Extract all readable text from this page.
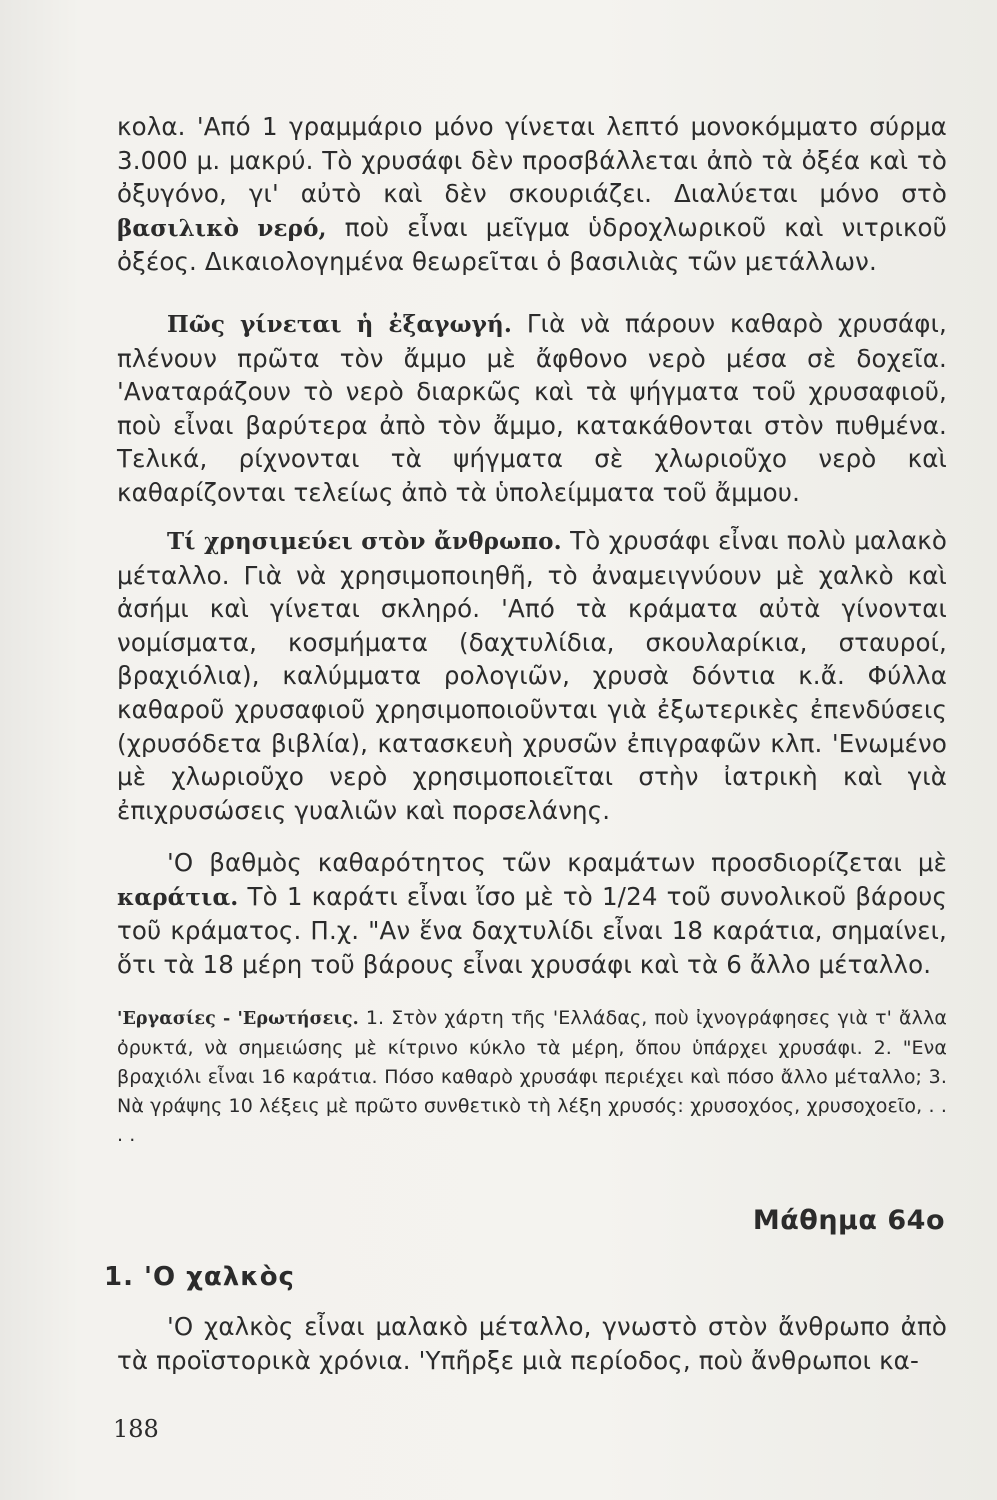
κολα. 'Από 1 γραμμάριο μόνο γίνεται λεπτό μονοκόμματο σύρμα 3.000 μ. μακρύ. Τὸ χρυσάφι δὲν προσβάλλεται ἀπὸ τὰ ὀξέα καὶ τὸ ὀξυγόνο, γι' αὐτὸ καὶ δὲν σκουριάζει. Διαλύεται μόνο στὸ βασιλικὸ νερό, ποὺ εἶναι μεῖγμα ὑδροχλωρικοῦ καὶ νιτρικοῦ ὀξέος. Δικαιολογημένα θεωρεῖται ὁ βασιλιὰς τῶν μετάλλων.

Πῶς γίνεται ἡ ἐξαγωγή. Γιὰ νὰ πάρουν καθαρὸ χρυσάφι, πλένουν πρῶτα τὸν ἄμμο μὲ ἄφθονο νερὸ μέσα σὲ δοχεῖα. 'Αναταράζουν τὸ νερὸ διαρκῶς καὶ τὰ ψήγματα τοῦ χρυσαφιοῦ, ποὺ εἶναι βαρύτερα ἀπὸ τὸν ἄμμο, κατακάθονται στὸν πυθμένα. Τελικά, ρίχνονται τὰ ψήγματα σὲ χλωριοῦχο νερὸ καὶ καθαρίζονται τελείως ἀπὸ τὰ ὑπολείμματα τοῦ ἄμμου.

Τί χρησιμεύει στὸν ἄνθρωπο. Τὸ χρυσάφι εἶναι πολὺ μαλακὸ μέταλλο. Γιὰ νὰ χρησιμοποιηθῆ, τὸ ἀναμειγνύουν μὲ χαλκὸ καὶ ἀσήμι καὶ γίνεται σκληρό. 'Από τὰ κράματα αὐτὰ γίνονται νομίσματα, κοσμήματα (δαχτυλίδια, σκουλαρίκια, σταυροί, βραχιόλια), καλύμματα ρολογιῶν, χρυσὰ δόντια κ.ἄ. Φύλλα καθαροῦ χρυσαφιοῦ χρησιμοποιοῦνται γιὰ ἐξωτερικὲς ἐπενδύσεις (χρυσόδετα βιβλία), κατασκευὴ χρυσῶν ἐπιγραφῶν κλπ. 'Ενωμένο μὲ χλωριοῦχο νερὸ χρησιμοποιεῖται στὴν ἰατρικὴ καὶ γιὰ ἐπιχρυσώσεις γυαλιῶν καὶ πορσελάνης.

'Ο βαθμὸς καθαρότητος τῶν κραμάτων προσδιορίζεται μὲ καράτια. Τὸ 1 καράτι εἶναι ἴσο μὲ τὸ 1/24 τοῦ συνολικοῦ βάρους τοῦ κράματος. Π.χ. "Αν ἕνα δαχτυλίδι εἶναι 18 καράτια, σημαίνει, ὅτι τὰ 18 μέρη τοῦ βάρους εἶναι χρυσάφι καὶ τὰ 6 ἄλλο μέταλλο.

'Εργασίες - 'Ερωτήσεις. 1. Στὸν χάρτη τῆς 'Ελλάδας, ποὺ ἰχνογράφησες γιὰ τ' ἄλλα ὀρυκτά, νὰ σημειώσης μὲ κίτρινο κύκλο τὰ μέρη, ὅπου ὑπάρχει χρυσάφι. 2. "Ενα βραχιόλι εἶναι 16 καράτια. Πόσο καθαρὸ χρυσάφι περιέχει καὶ πόσο ἄλλο μέταλλο; 3. Νὰ γράψης 10 λέξεις μὲ πρῶτο συνθετικὸ τὴ λέξη χρυσός: χρυσοχόος, χρυσοχοεῖο, . . . .

Μάθημα 64ο
1. 'Ο χαλκὸς

'Ο χαλκὸς εἶναι μαλακὸ μέταλλο, γνωστὸ στὸν ἄνθρωπο ἀπὸ τὰ προϊστορικὰ χρόνια. 'Υπῆρξε μιὰ περίοδος, ποὺ ἄνθρωποι κα-

188
